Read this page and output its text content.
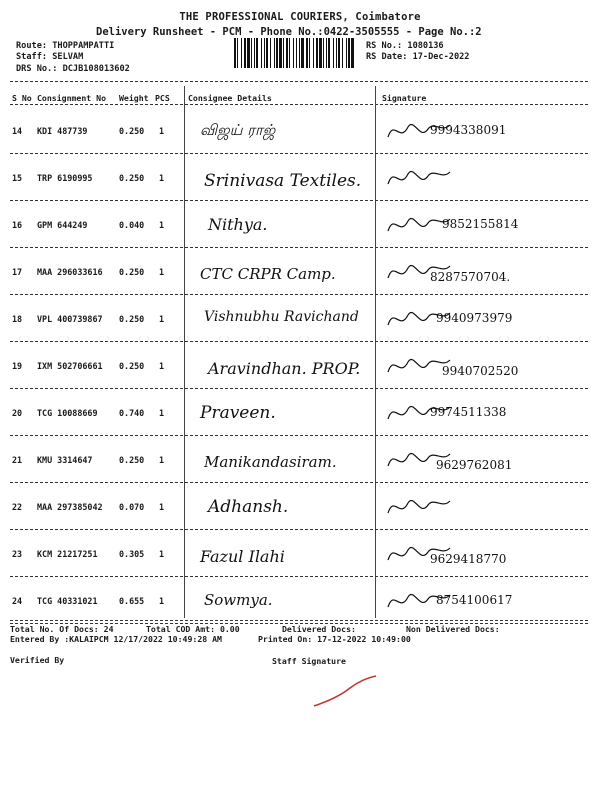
THE PROFESSIONAL COURIERS, Coimbatore
Delivery Runsheet - PCM - Phone No.:0422-3505555 - Page No.:2
Route: THOPPAMPATTI
Staff: SELVAM
DRS No.: DCJB108013602
RS No.: 1080136
RS Date: 17-Dec-2022
S No Consignment No Weight PCS Consignee Details	Signature
14 KDI 487739	0.250 1 விஜய் ராஜ்	9994338091
15 TRP 6190995	0.250 1 Srinivasa Textiles.
16 GPM 644249	0.040 1	Nithya.	9852155814
17 MAA 296033616 0.250 1 CTC CRPR Camp.	8287570704.
18 VPL 400739867 0.250 1	Vishnubhu Ravichand	9940973979
19 IXM 502706661 0.250 1	Aravindhan. PROP.	9940702520
20 TCG 10088669	0.740 1 Praveen.	9974511338
21 KMU 3314647	0.250 1	Manikandasiram.	9629762081
22 MAA 297385042 0.070 1	Adhansh.
23 KCM 21217251	0.305 1 Fazul Ilahi	9629418770
24 TCG 40331021	0.655 1	Sowmya.	8754100617
Total No. Of Docs: 24	Total COD Amt: 0.00	Delivered Docs:	Non Delivered Docs:
Entered By :KALAIPCM 12/17/2022 10:49:28 AM	Printed On: 17-12-2022 10:49:00
Verified By	Staff Signature
